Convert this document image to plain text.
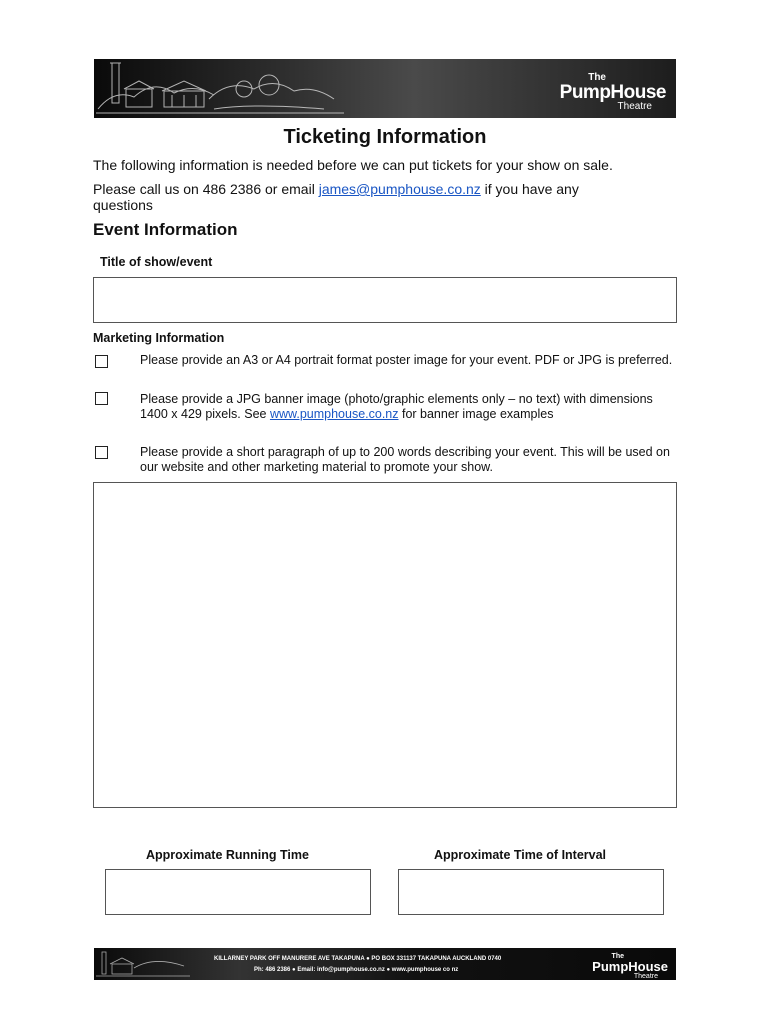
The
PumpHouse
Theatre
Ticketing Information
The following information is needed before we can put tickets for your show on sale.
Please call us on 486 2386 or email james@pumphouse.co.nz if you have any
questions
Event Information
Title of show/event
Marketing Information
Please provide an A3 or A4 portrait format poster image for your event. PDF or JPG is preferred.
Please provide a JPG banner image (photo/graphic elements only – no text) with dimensions 1400 x 429 pixels. See www.pumphouse.co.nz for banner image examples
Please provide a short paragraph of up to 200 words describing your event. This will be used on our website and other marketing material to promote your show.
Approximate Running Time	Approximate Time of Interval
KILLARNEY PARK OFF MANURERE AVE TAKAPUNA ● PO BOX 331137 TAKAPUNA AUCKLAND 0740
Ph: 486 2386 ● Email: info@pumphouse.co.nz ● www.pumphouse co nz
The
PumpHouse
Theatre
